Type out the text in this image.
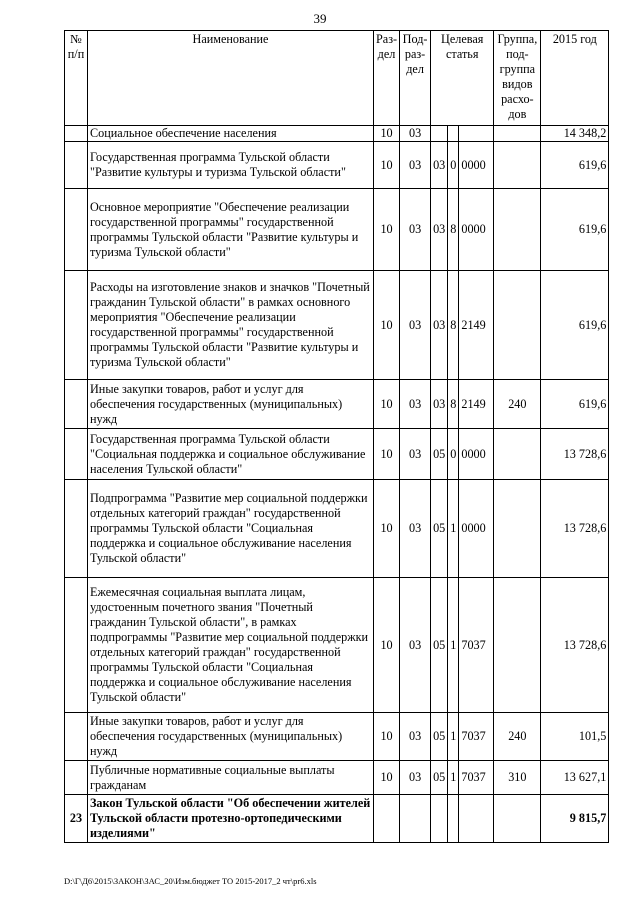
39
№ п/п	Наименование	Раз-дел	Под-раз-дел	Целевая статья			Группа, под-группа видов расхо-дов	2015 год
	Социальное обеспечение населения	10	03					14 348,2
	Государственная программа Тульской области "Развитие культуры и туризма Тульской области"	10	03	03	0	0000		619,6
	Основное мероприятие "Обеспечение реализации государственной программы" государственной программы Тульской области "Развитие культуры и туризма Тульской области"	10	03	03	8	0000		619,6
	Расходы на изготовление знаков и значков "Почетный гражданин Тульской области" в рамках основного мероприятия "Обеспечение реализации государственной программы" государственной программы Тульской области "Развитие культуры и туризма Тульской области"	10	03	03	8	2149		619,6
	Иные закупки товаров, работ и услуг для обеспечения государственных (муниципальных) нужд	10	03	03	8	2149	240	619,6
	Государственная программа Тульской области "Социальная поддержка и социальное обслуживание населения Тульской области"	10	03	05	0	0000		13 728,6
	Подпрограмма "Развитие мер социальной поддержки отдельных категорий граждан" государственной программы Тульской области "Социальная поддержка и социальное обслуживание населения Тульской области"	10	03	05	1	0000		13 728,6
	Ежемесячная социальная выплата лицам, удостоенным почетного звания "Почетный гражданин Тульской области", в рамках подпрограммы "Развитие мер социальной поддержки отдельных категорий граждан" государственной программы Тульской области "Социальная поддержка и социальное обслуживание населения Тульской области"	10	03	05	1	7037		13 728,6
	Иные закупки товаров, работ и услуг для обеспечения государственных (муниципальных) нужд	10	03	05	1	7037	240	101,5
	Публичные нормативные социальные выплаты гражданам	10	03	05	1	7037	310	13 627,1
23	Закон Тульской области "Об обеспечении жителей Тульской области протезно-ортопедическими изделиями"							9 815,7
D:\Г\Д6\2015\ЗАКОН\ЗАС_20\Изм.бюджет ТО 2015-2017_2 чт\pr6.xls
